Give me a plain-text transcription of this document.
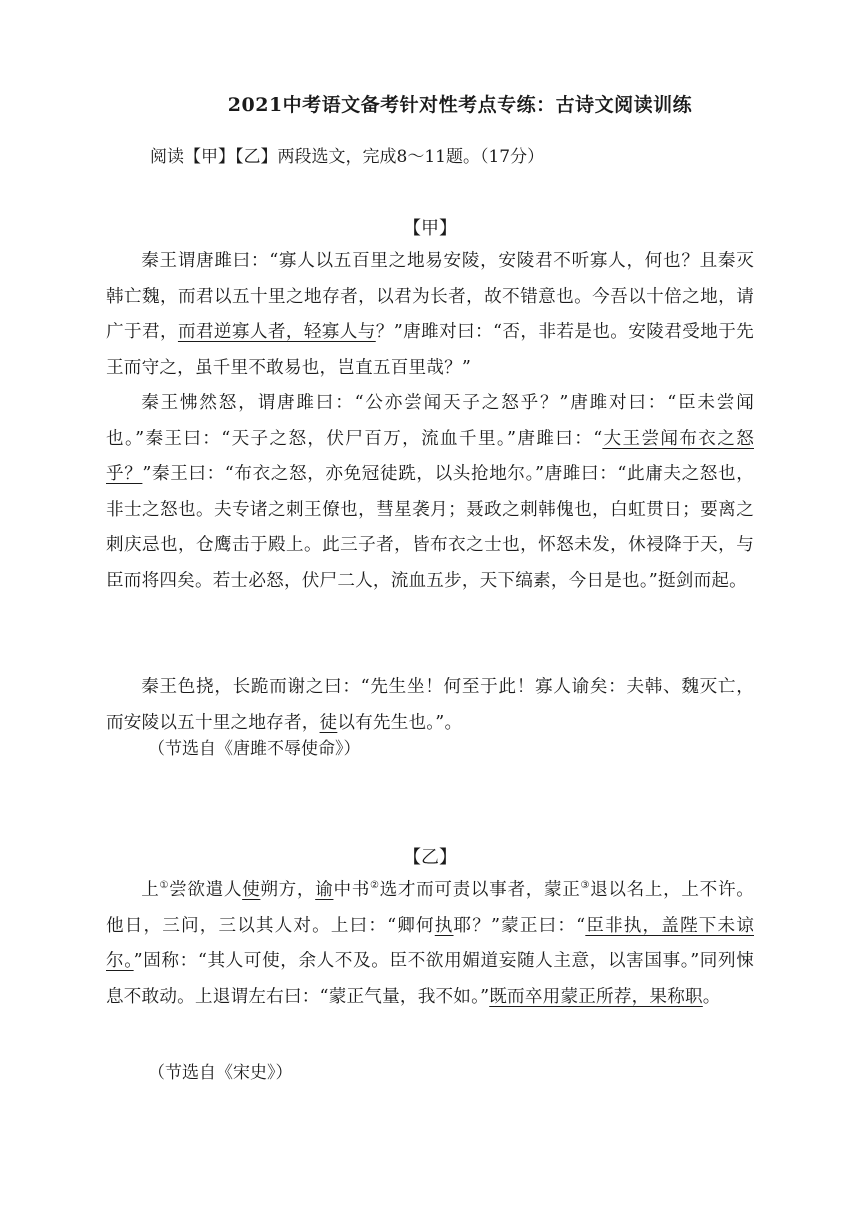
2021中考语文备考针对性考点专练：古诗文阅读训练

阅读【甲】【乙】两段选文，完成8～11题。（17分）

【甲】

秦王谓唐雎曰：“寡人以五百里之地易安陵，安陵君不听寡人，何也？且秦灭韩亡魏，而君以五十里之地存者，以君为长者，故不错意也。今吾以十倍之地，请广于君，而君逆寡人者，轻寡人与？”唐雎对曰：“否，非若是也。安陵君受地于先王而守之，虽千里不敢易也，岂直五百里哉？”

秦王怫然怒，谓唐雎曰：“公亦尝闻天子之怒乎？”唐雎对曰：“臣未尝闻也。”秦王曰：“天子之怒，伏尸百万，流血千里。”唐雎曰：“大王尝闻布衣之怒乎？”秦王曰：“布衣之怒，亦免冠徒跣，以头抢地尔。”唐雎曰：“此庸夫之怒也，非士之怒也。夫专诸之刺王僚也，彗星袭月；聂政之刺韩傀也，白虹贯日；要离之刺庆忌也，仓鹰击于殿上。此三子者，皆布衣之士也，怀怒未发，休祲降于天，与臣而将四矣。若士必怒，伏尸二人，流血五步，天下缟素，今日是也。”挺剑而起。

秦王色挠，长跪而谢之曰：“先生坐！何至于此！寡人谕矣：夫韩、魏灭亡，而安陵以五十里之地存者，徒以有先生也。”。

（节选自《唐雎不辱使命》）

【乙】

上①尝欲遣人使朔方，谕中书②选才而可责以事者，蒙正③退以名上，上不许。他日，三问，三以其人对。上曰：“卿何执耶？”蒙正曰：“臣非执，盖陛下未谅尔。”固称：“其人可使，余人不及。臣不欲用媚道妄随人主意，以害国事。”同列悚息不敢动。上退谓左右曰：“蒙正气量，我不如。”既而卒用蒙正所荐，果称职。

（节选自《宋史》）
